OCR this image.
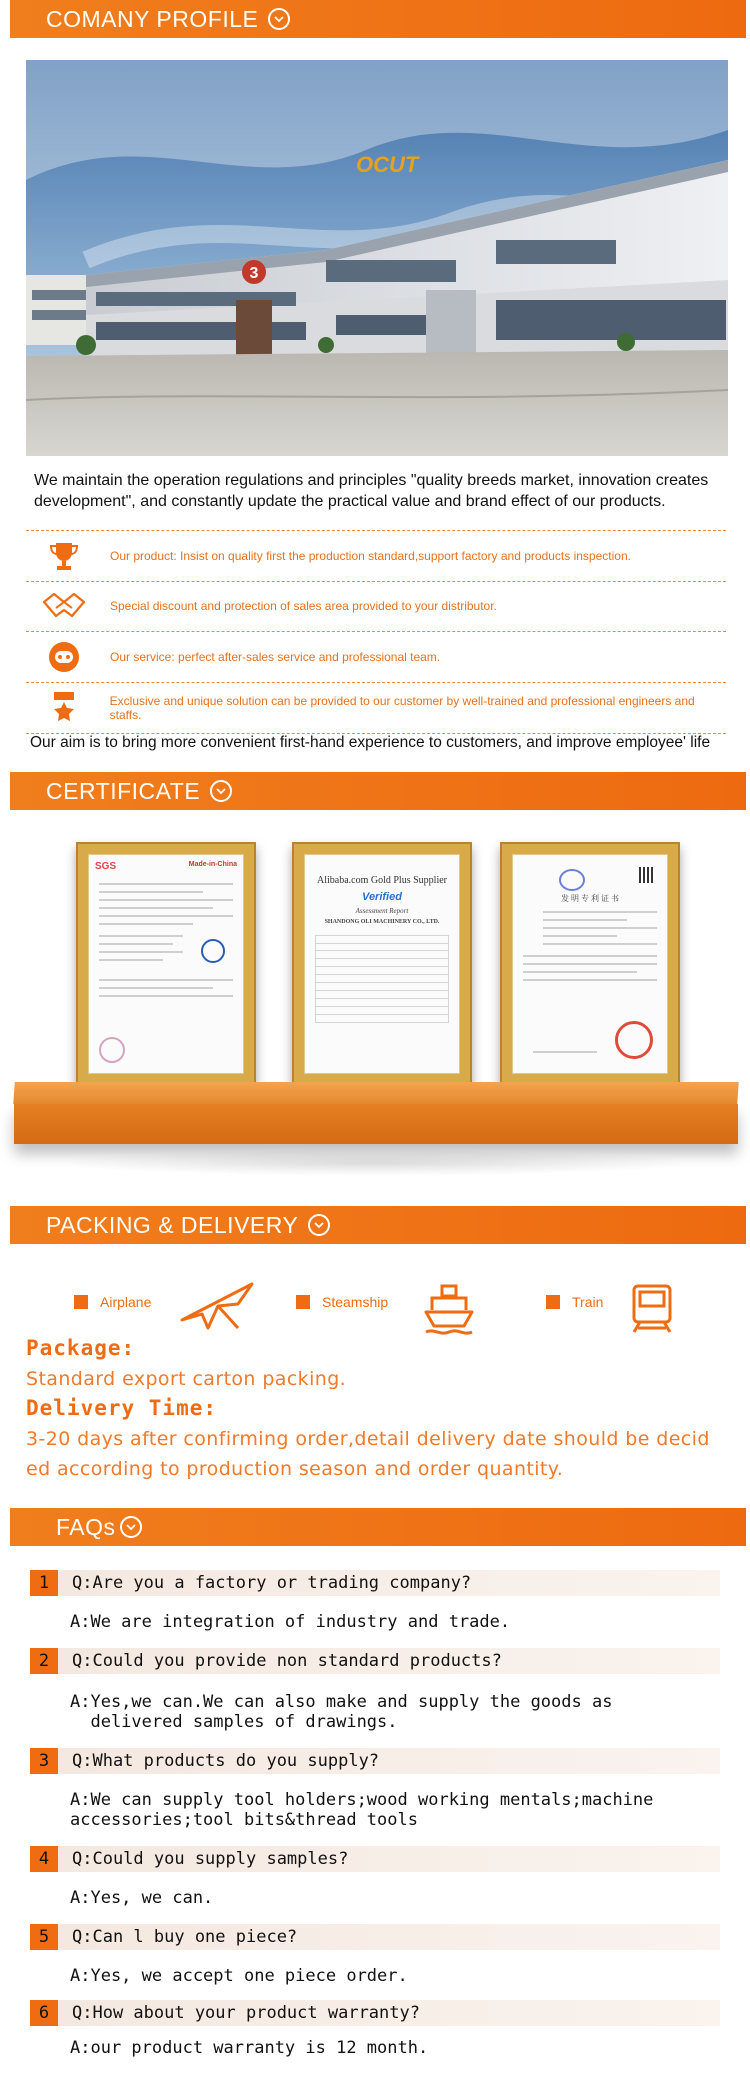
COMANY PROFILE
3
OCUT
We maintain the operation regulations and principles "quality breeds market, innovation creates development", and constantly update the practical value and brand effect of our products.
Our product: Insist on quality first the production standard,support factory and products inspection.
Special discount and protection of sales area provided to your distributor.
Our service: perfect after-sales service and professional team.
Exclusive and unique solution can be provided to our customer by well-trained and professional engineers and staffs.
Our aim is to bring more convenient first-hand experience to customers, and improve employee' life
CERTIFICATE
SGS	Made-in-China
Alibaba.com Gold Plus Supplier
Verified
Assessment Report
SHANDONG OLI MACHINERY CO., LTD.
发 明 专 利 证 书
PACKING & DELIVERY
Airplane	Steamship	Train
Package:
Standard export carton packing.
Delivery Time:
3-20 days after confirming order,detail delivery date should be decid
ed according to production season and order quantity.
FAQs
1	Q:Are you a factory or trading company?
A:We are integration of industry and trade.
2	Q:Could you provide non standard products?
A:Yes,we can.We can also make and supply the goods as
delivered samples of drawings.
3	Q:What products do you supply?
A:We can supply tool holders;wood working mentals;machine
accessories;tool bits&thread tools
4	Q:Could you supply samples?
A:Yes, we can.
5	Q:Can l buy one piece?
A:Yes, we accept one piece order.
6	Q:How about your product warranty?
A:our product warranty is 12 month.
